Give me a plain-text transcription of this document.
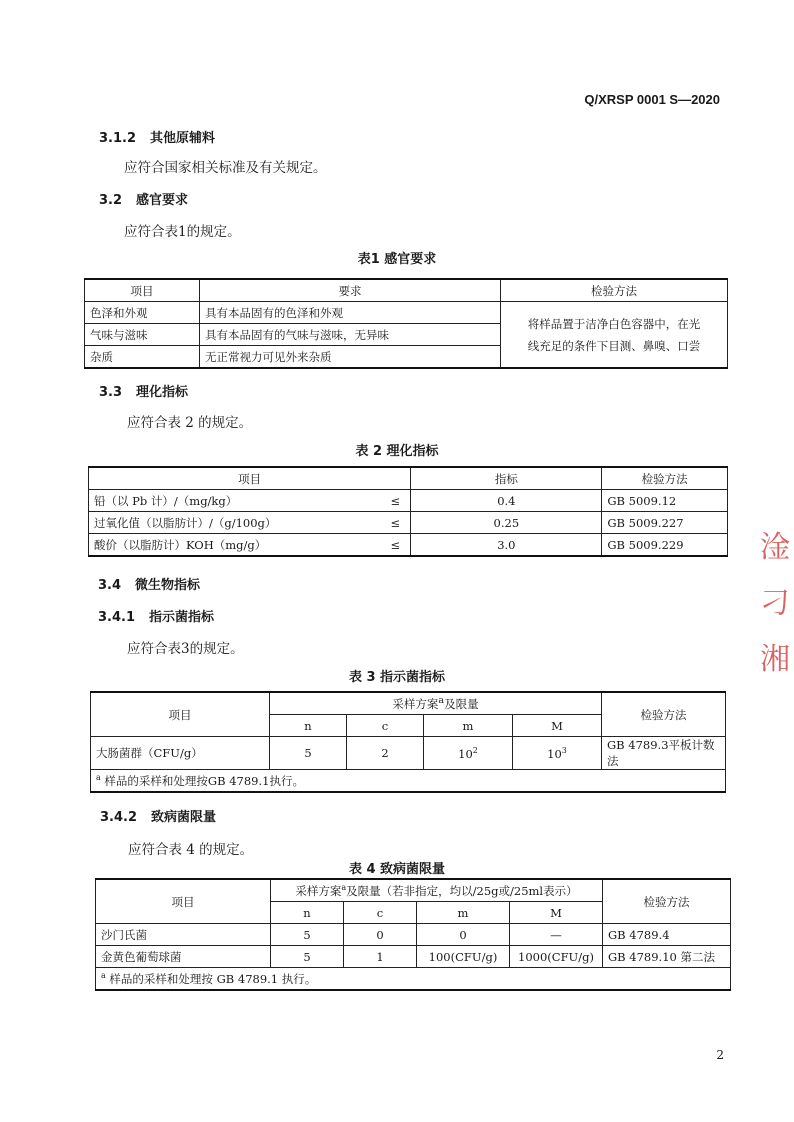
Q/XRSP 0001 S—2020
3.1.2 其他原辅料
应符合国家相关标准及有关规定。
3.2 感官要求
应符合表1的规定。
表1 感官要求
项目	要求	检验方法
色泽和外观	具有本品固有的色泽和外观	将样品置于洁净白色容器中，在光
线充足的条件下目测、鼻嗅、口尝

气味与滋味	具有本品固有的气味与滋味，无异味	
杂质	无正常视力可见外来杂质	
3.3 理化指标
应符合表 2 的规定。
表 2 理化指标
项目		指标	检验方法
铅（以 Pb 计）/（mg/kg）	≤	0.4	GB 5009.12
过氧化值（以脂肪计）/（g/100g）	≤	0.25	GB 5009.227
酸价（以脂肪计）KOH（mg/g）	≤	3.0	GB 5009.229
3.4 微生物指标
3.4.1 指示菌指标
应符合表3的规定。
表 3 指示菌指标
项目	采样方案$^a$及限量				检验方法
	n	c	m	M	
大肠菌群（CFU/g）	5	2	$10^2$	$10^3$	GB 4789.3平板计数法
$^a$ 样品的采样和处理按GB 4789.1执行。					
3.4.2 致病菌限量
应符合表 4 的规定。
表 4 致病菌限量
项目	采样方案$^a$及限量（若非指定，均以/25g或/25ml表示）				检验方法
	n	c	m	M	
沙门氏菌	5	0	0	—	GB 4789.4
金黄色葡萄球菌	5	1	100(CFU/g)	1000(CFU/g)	GB 4789.10 第二法
$^a$ 样品的采样和处理按 GB 4789.1 执行。					
2
淦
刁
湘
